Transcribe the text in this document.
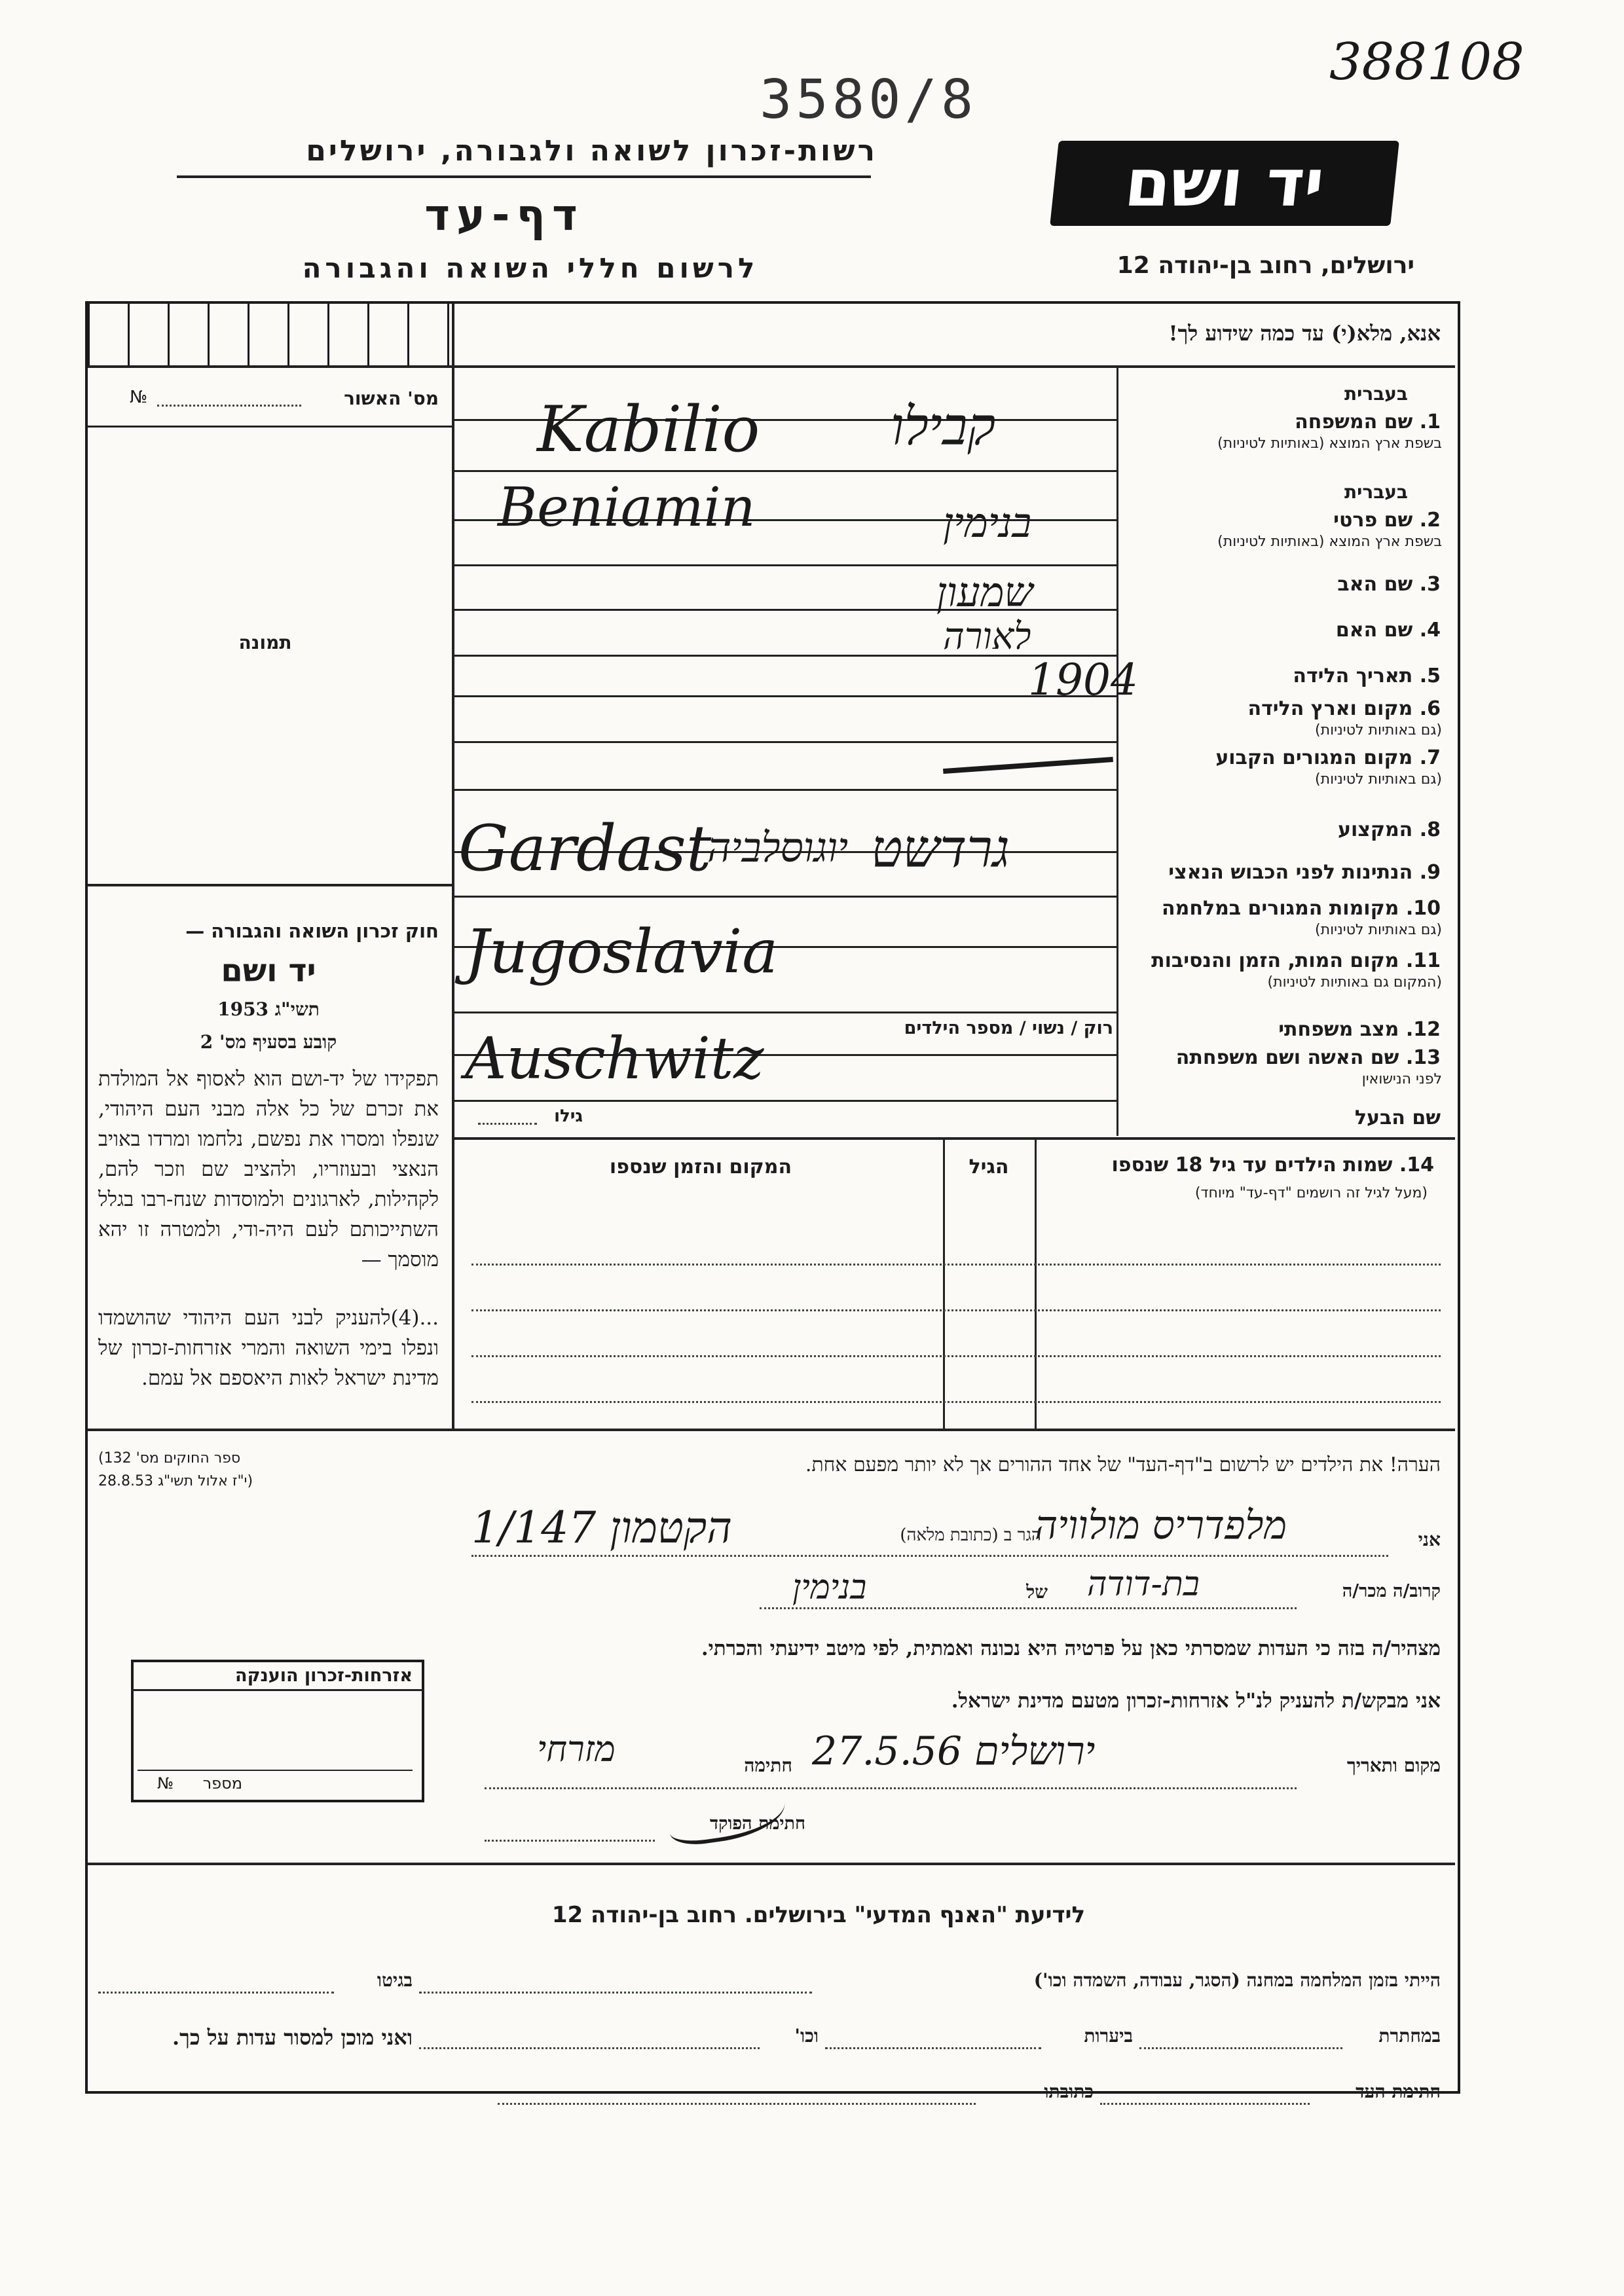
3580/8
388108
רשות-זכרון לשואה ולגבורה, ירושלים
דף-עד
לרשום חללי השואה והגבורה
יד ושם
ירושלים, רחוב בן-יהודה 12
אנא, מלא(י) עד כמה שידוע לך!
מס' האשור
№
תמונה
בעברית
1. שם המשפחה
בשפת ארץ המוצא (באותיות לטיניות)
בעברית
2. שם פרטי
בשפת ארץ המוצא (באותיות לטיניות)
3. שם האב
4. שם האם
5. תאריך הלידה
6. מקום וארץ הלידה
(גם באותיות לטיניות)
7. מקום המגורים הקבוע
(גם באותיות לטיניות)
8. המקצוע
9. הנתינות לפני הכבוש הנאצי
10. מקומות המגורים במלחמה
(גם באותיות לטיניות)
11. מקום המות, הזמן והנסיבות
(המקום גם באותיות לטיניות)
12. מצב משפחתי
13. שם האשה ושם משפחתה
לפני הנישואין
שם הבעל
רוק / נשוי / מספר הילדים
גילו
Kabilio קבילו
Beniamin	בנימין
שמעון
לאורה
1904
Gardast	גרדשט
יוגוסלביה
Jugoslavia
Auschwitz
14. שמות הילדים עד גיל 18 שנספו
(מעל לגיל זה רושמים "דף-עד" מיוחד)
הגיל
המקום והזמן שנספו
חוק זכרון השואה והגבורה —
יד ושם
תשי"ג 1953
קובע בסעיף מס' 2
תפקידו של יד-ושם הוא לאסוף אל המולדת את זכרם של כל אלה מבני העם היהודי, שנפלו ומסרו את נפשם, נלחמו ומרדו באויב הנאצי ובעוזריו, ולהציב שם וזכר להם, לקהילות, לארגונים ולמוסדות שנח-רבו בגלל השתייכותם לעם היה-ודי, ולמטרה זו יהא מוסמך —
...(4)להעניק לבני העם היהודי שהושמדו ונפלו בימי השואה והמרי אזרחות-זכרון של מדינת ישראל לאות היאספם אל עמם.
(ספר החוקים מס' 132
י"ז אלול תשי"ג 28.8.53)
אזרחות-זכרון הוענקה
מספר
№
הערה! את הילדים יש לרשום ב"דף-העד" של אחד ההורים אך לא יותר מפעם אחת.
אני
מלפדריס מולוויה
הגר ב (כתובת מלאה)
הקטמון 1/147
קרוב/ה מכר/ה
בת-דודה
של
בנימין
מצהיר/ה בזה כי העדות שמסרתי כאן על פרטיה היא נכונה ואמתית, לפי מיטב ידיעתי והכרתי.
אני מבקש/ת להעניק לנ"ל אזרחות-זכרון מטעם מדינת ישראל.
מקום ותאריך
ירושלים 27.5.56
חתימה
מזרחי
חתימת הפוקד
לידיעת "האנף המדעי" בירושלים. רחוב בן-יהודה 12
הייתי בזמן המלחמה במחנה (הסגר, עבודה, השמדה וכו')
בגיטו
במחתרת
ביערות
וכו'
ואני מוכן למסור עדות על כך.
חתימת העד
כתובתו
